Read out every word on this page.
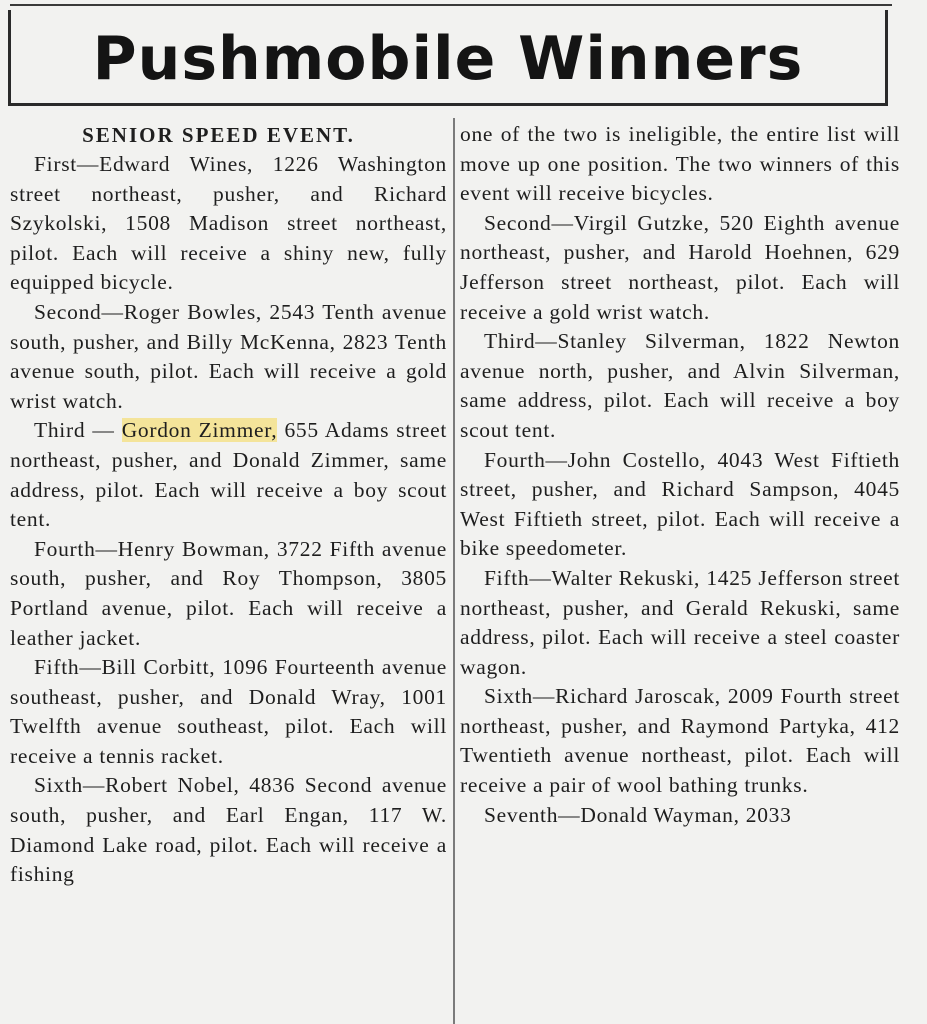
Pushmobile Winners
SENIOR SPEED EVENT.

First—Edward Wines, 1226 Washington street northeast, pusher, and Richard Szykolski, 1508 Madison street northeast, pilot. Each will receive a shiny new, fully equipped bicycle.

Second—Roger Bowles, 2543 Tenth avenue south, pusher, and Billy McKenna, 2823 Tenth avenue south, pilot. Each will receive a gold wrist watch.

Third — Gordon Zimmer, 655 Adams street northeast, pusher, and Donald Zimmer, same address, pilot. Each will receive a boy scout tent.

Fourth—Henry Bowman, 3722 Fifth avenue south, pusher, and Roy Thompson, 3805 Portland avenue, pilot. Each will receive a leather jacket.

Fifth—Bill Corbitt, 1096 Fourteenth avenue southeast, pusher, and Donald Wray, 1001 Twelfth avenue southeast, pilot. Each will receive a tennis racket.

Sixth—Robert Nobel, 4836 Second avenue south, pusher, and Earl Engan, 117 W. Diamond Lake road, pilot. Each will receive a fishing

one of the two is ineligible, the entire list will move up one position. The two winners of this event will receive bicycles.

Second—Virgil Gutzke, 520 Eighth avenue northeast, pusher, and Harold Hoehnen, 629 Jefferson street northeast, pilot. Each will receive a gold wrist watch.

Third—Stanley Silverman, 1822 Newton avenue north, pusher, and Alvin Silverman, same address, pilot. Each will receive a boy scout tent.

Fourth—John Costello, 4043 West Fiftieth street, pusher, and Richard Sampson, 4045 West Fiftieth street, pilot. Each will receive a bike speedometer.

Fifth—Walter Rekuski, 1425 Jefferson street northeast, pusher, and Gerald Rekuski, same address, pilot. Each will receive a steel coaster wagon.

Sixth—Richard Jaroscak, 2009 Fourth street northeast, pusher, and Raymond Partyka, 412 Twentieth avenue northeast, pilot. Each will receive a pair of wool bathing trunks.

Seventh—Donald Wayman, 2033
